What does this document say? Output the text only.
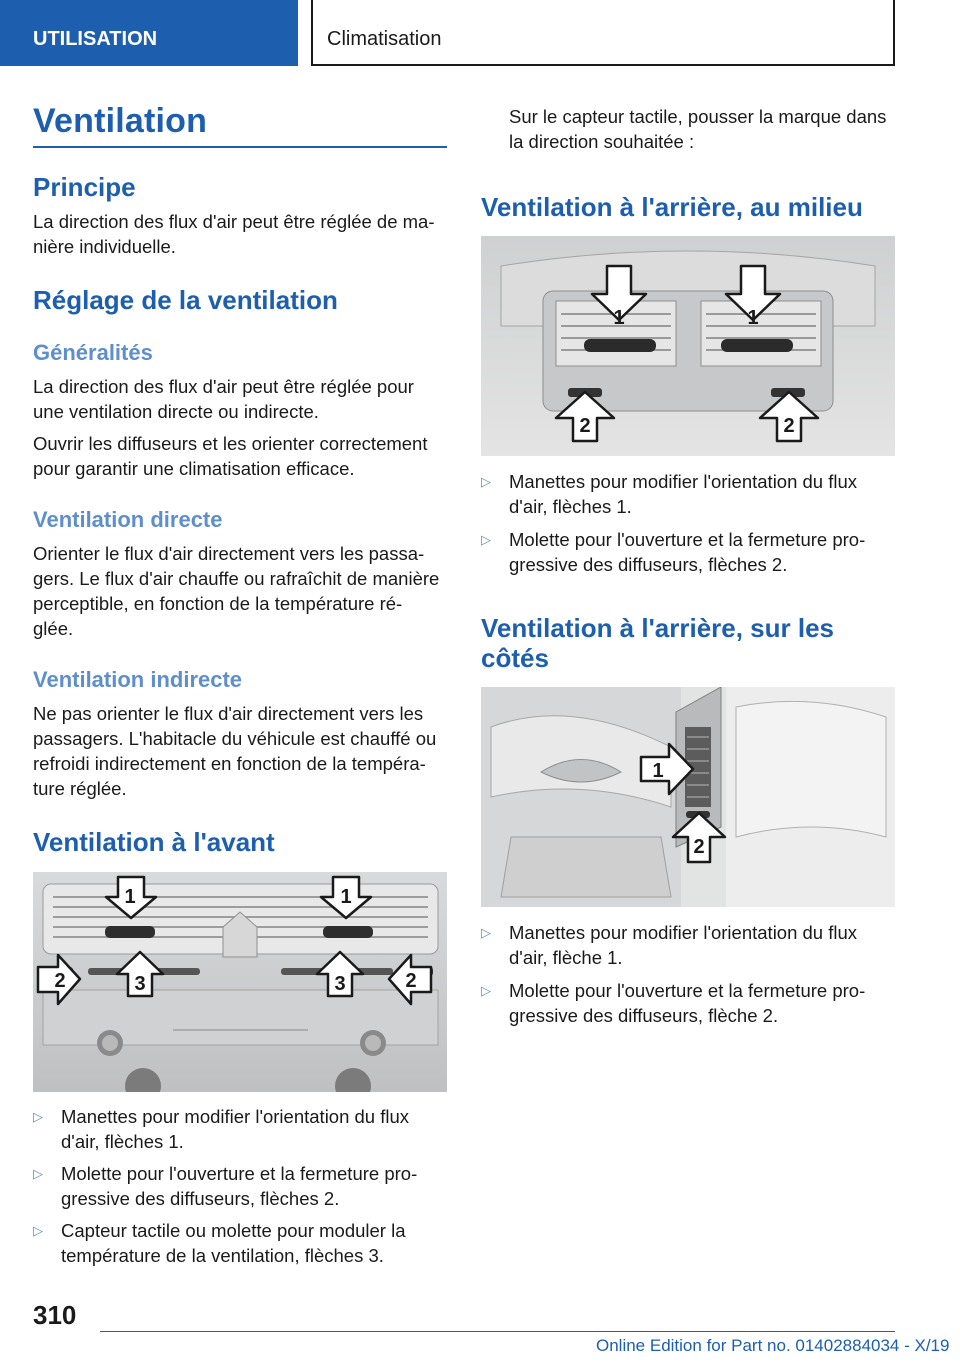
UTILISATION	Climatisation
Ventilation
Principe
La direction des flux d'air peut être réglée de ma-
nière individuelle.
Réglage de la ventilation
Généralités
La direction des flux d'air peut être réglée pour
une ventilation directe ou indirecte.
Ouvrir les diffuseurs et les orienter correctement
pour garantir une climatisation efficace.
Ventilation directe
Orienter le flux d'air directement vers les passa-
gers. Le flux d'air chauffe ou rafraîchit de manière
perceptible, en fonction de la température ré-
glée.
Ventilation indirecte
Ne pas orienter le flux d'air directement vers les
passagers. L'habitacle du véhicule est chauffé ou
refroidi indirectement en fonction de la tempéra-
ture réglée.
Ventilation à l'avant
1	1
2	3	3	2
▷ Manettes pour modifier l'orientation du flux
d'air, flèches 1.
▷ Molette pour l'ouverture et la fermeture pro-
gressive des diffuseurs, flèches 2.
▷ Capteur tactile ou molette pour moduler la
température de la ventilation, flèches 3.
Sur le capteur tactile, pousser la marque dans
la direction souhaitée :
Ventilation à l'arrière, au milieu
1	1
2	2
▷ Manettes pour modifier l'orientation du flux
d'air, flèches 1.
▷ Molette pour l'ouverture et la fermeture pro-
gressive des diffuseurs, flèches 2.
Ventilation à l'arrière, sur les
côtés
1
2
▷ Manettes pour modifier l'orientation du flux
d'air, flèche 1.
▷ Molette pour l'ouverture et la fermeture pro-
gressive des diffuseurs, flèche 2.
310
Online Edition for Part no. 01402884034 - X/19
